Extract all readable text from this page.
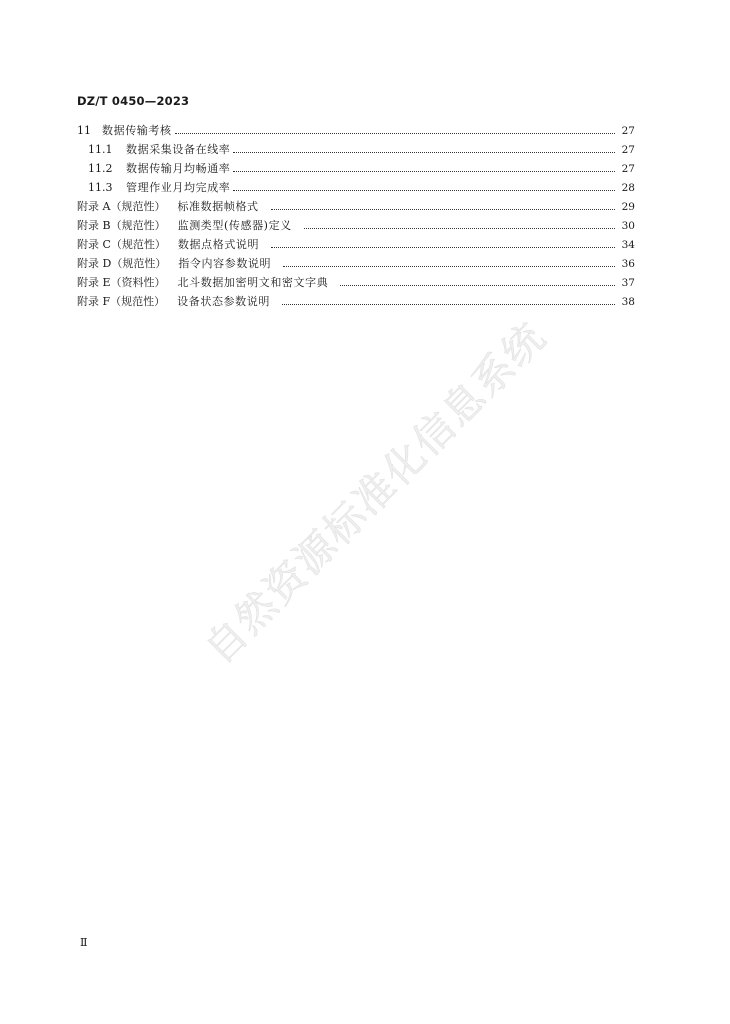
DZ/T 0450—2023
11	数据传输考核	27
11.1	数据采集设备在线率	27
11.2	数据传输月均畅通率	27
11.3	管理作业月均完成率	28
附录 A（规范性） 标准数据帧格式	29
附录 B（规范性） 监测类型(传感器)定义	30
附录 C（规范性） 数据点格式说明	34
附录 D（规范性） 指令内容参数说明	36
附录 E（资料性） 北斗数据加密明文和密文字典	37
附录 F（规范性） 设备状态参数说明	38
自然资源标准化信息系统
Ⅱ
